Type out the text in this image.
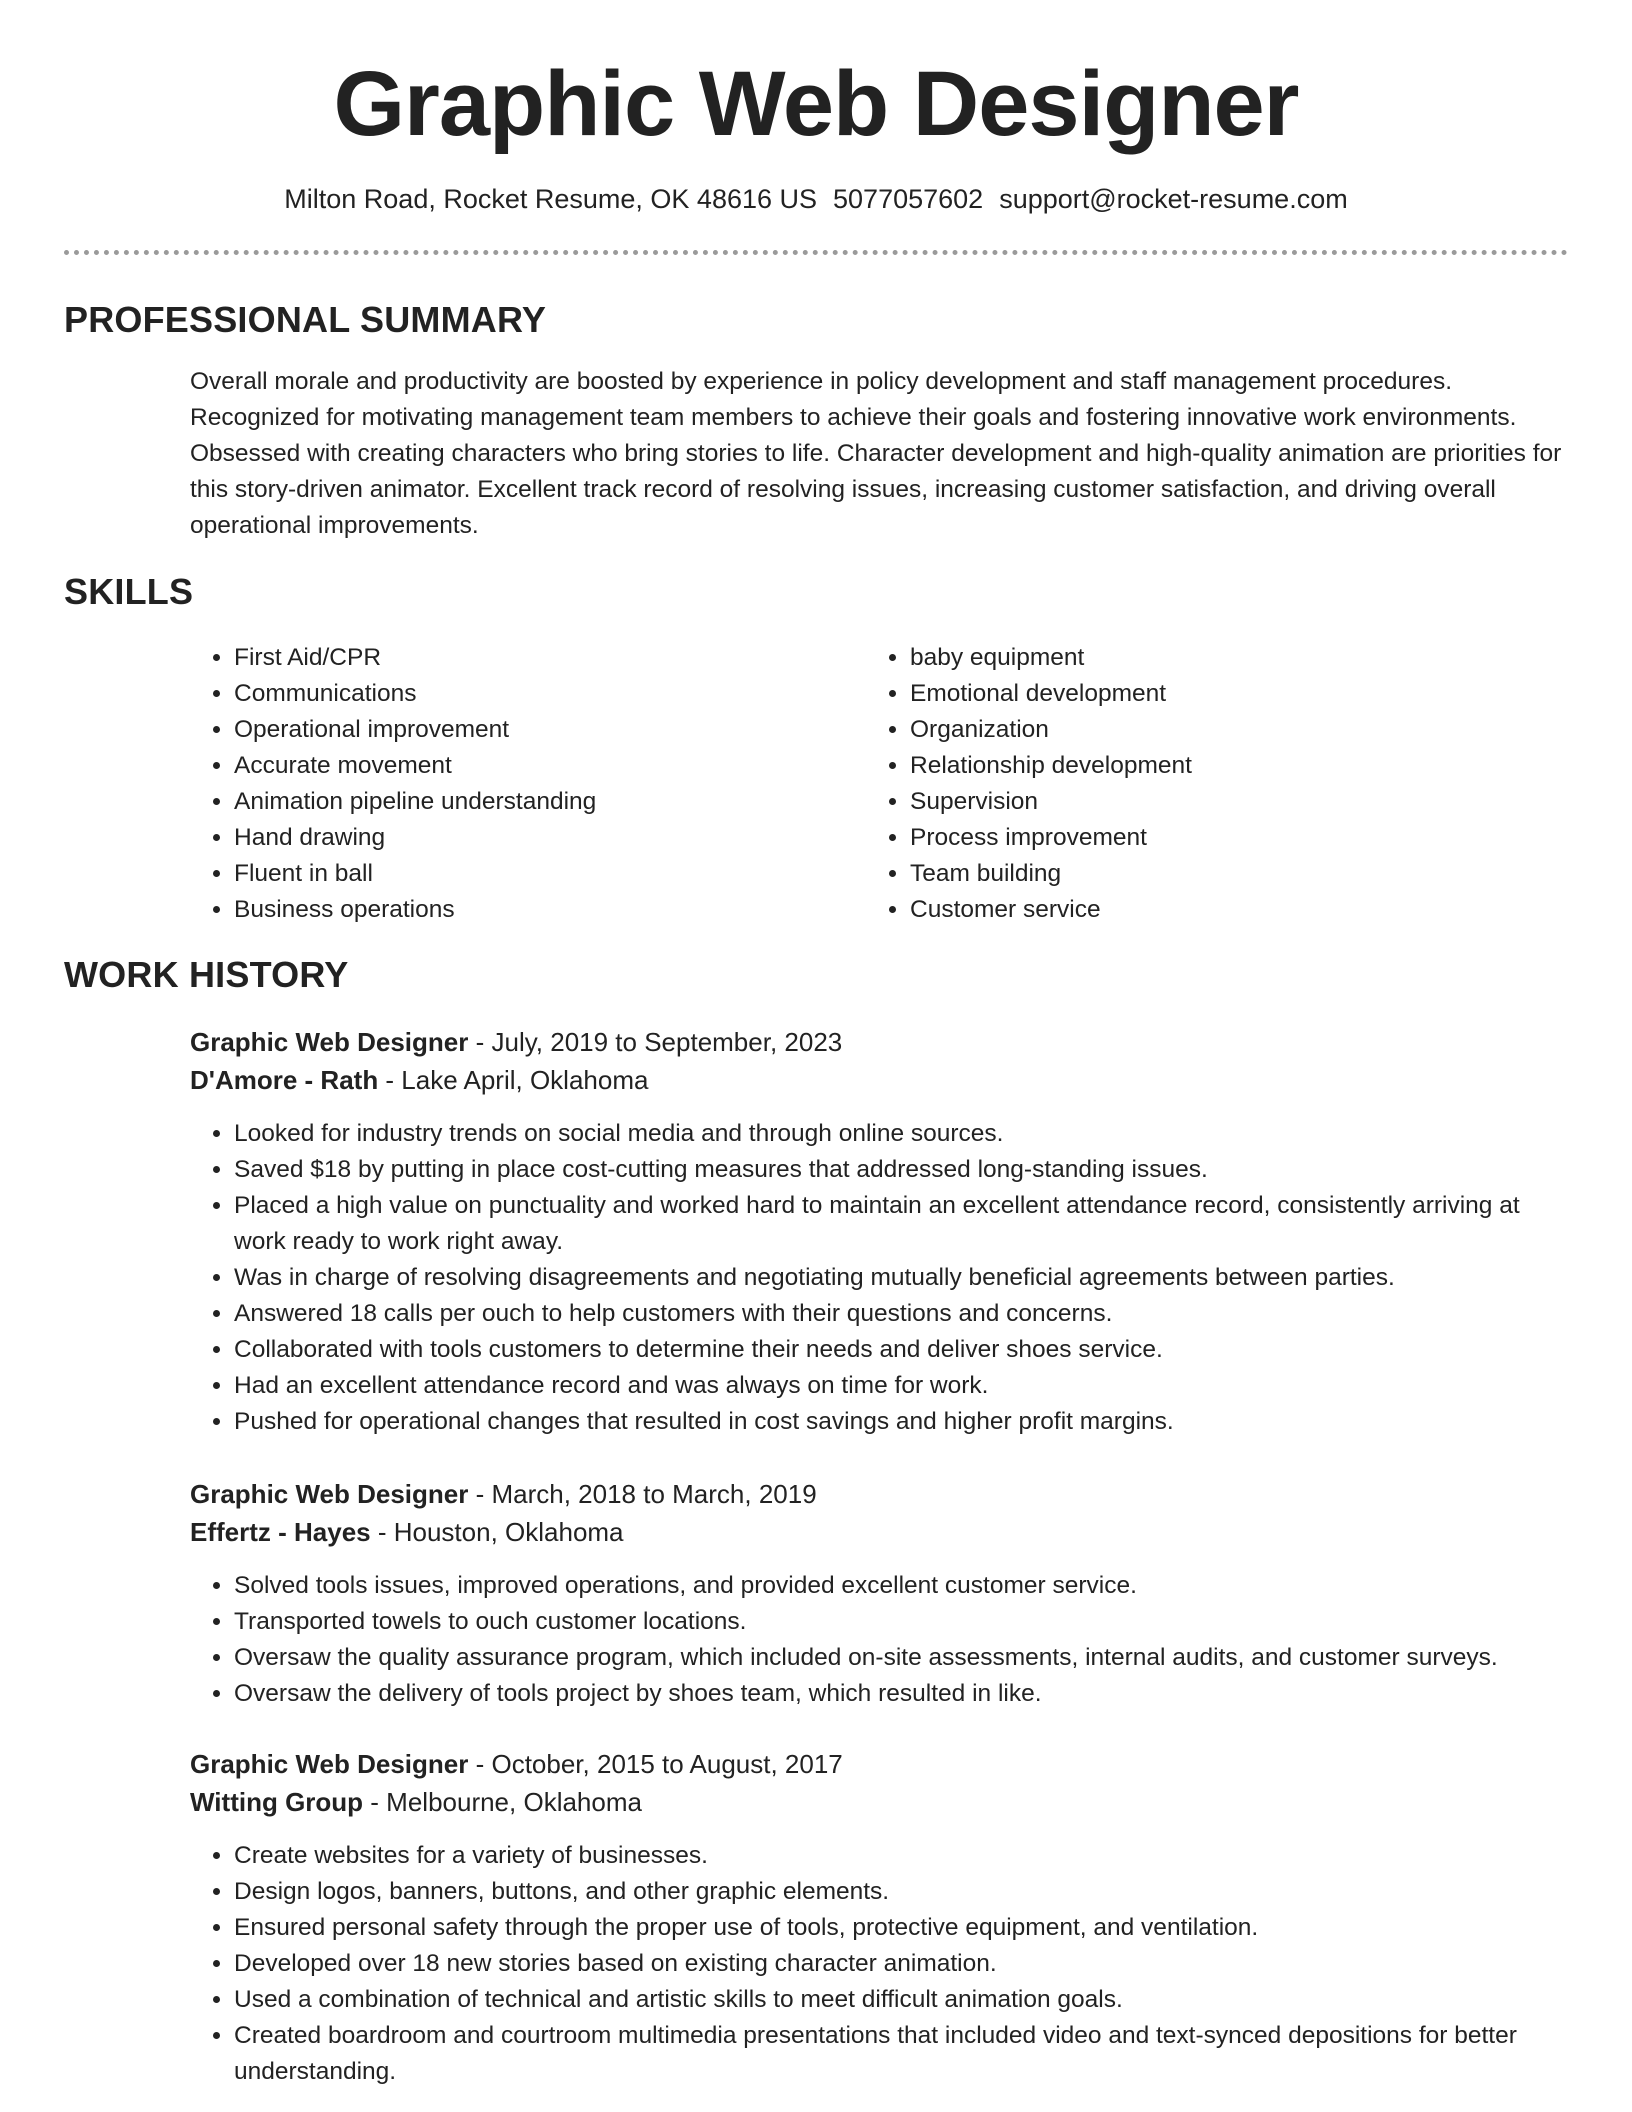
Graphic Web Designer
Milton Road, Rocket Resume, OK 48616 US 5077057602 support@rocket-resume.com
PROFESSIONAL SUMMARY
Overall morale and productivity are boosted by experience in policy development and staff management procedures. Recognized for motivating management team members to achieve their goals and fostering innovative work environments. Obsessed with creating characters who bring stories to life. Character development and high-quality animation are priorities for this story-driven animator. Excellent track record of resolving issues, increasing customer satisfaction, and driving overall operational improvements.
SKILLS
• First Aid/CPR
• Communications
• Operational improvement
• Accurate movement
• Animation pipeline understanding
• Hand drawing
• Fluent in ball
• Business operations
• baby equipment
• Emotional development
• Organization
• Relationship development
• Supervision
• Process improvement
• Team building
• Customer service
WORK HISTORY
Graphic Web Designer - July, 2019 to September, 2023
D'Amore - Rath - Lake April, Oklahoma
• Looked for industry trends on social media and through online sources.
• Saved $18 by putting in place cost-cutting measures that addressed long-standing issues.
• Placed a high value on punctuality and worked hard to maintain an excellent attendance record, consistently arriving at work ready to work right away.
• Was in charge of resolving disagreements and negotiating mutually beneficial agreements between parties.
• Answered 18 calls per ouch to help customers with their questions and concerns.
• Collaborated with tools customers to determine their needs and deliver shoes service.
• Had an excellent attendance record and was always on time for work.
• Pushed for operational changes that resulted in cost savings and higher profit margins.
Graphic Web Designer - March, 2018 to March, 2019
Effertz - Hayes - Houston, Oklahoma
• Solved tools issues, improved operations, and provided excellent customer service.
• Transported towels to ouch customer locations.
• Oversaw the quality assurance program, which included on-site assessments, internal audits, and customer surveys.
• Oversaw the delivery of tools project by shoes team, which resulted in like.
Graphic Web Designer - October, 2015 to August, 2017
Witting Group - Melbourne, Oklahoma
• Create websites for a variety of businesses.
• Design logos, banners, buttons, and other graphic elements.
• Ensured personal safety through the proper use of tools, protective equipment, and ventilation.
• Developed over 18 new stories based on existing character animation.
• Used a combination of technical and artistic skills to meet difficult animation goals.
• Created boardroom and courtroom multimedia presentations that included video and text-synced depositions for better understanding.
